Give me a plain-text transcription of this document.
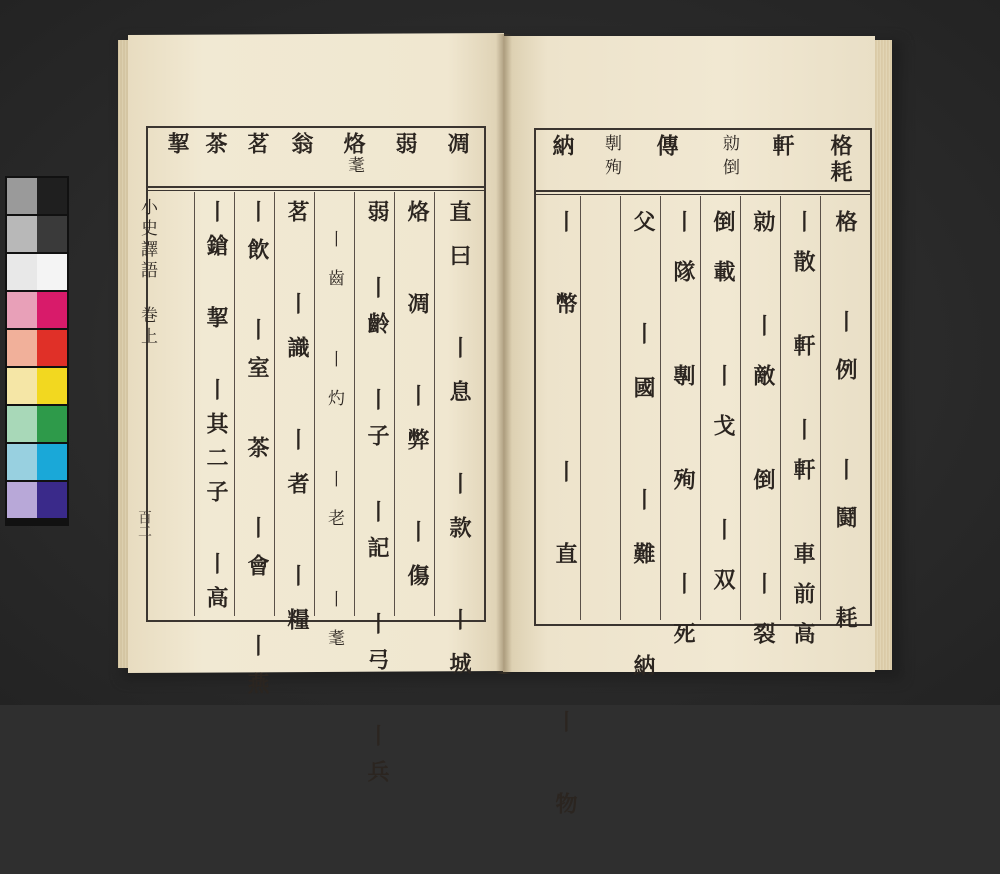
凋
弱
烙
耄
翁
茗
茶
挈
直曰 丨息 丨款 丨城
烙 凋 丨弊 丨傷
弱 丨齡 丨子 丨記 丨弓 丨兵
丨齒 丨灼 丨老 丨耄
茗 丨識 丨者 丨糧
丨飲 丨室 茶 丨會 丨燕
丨鎗 挈 丨其二子 丨高
小史譯語 巻上
百二
格
耗
軒
勍
倒
傳
剸
殉
納
格 丨例 丨鬪 耗
丨散 軒 丨軒 車前高
勍 丨敵 倒 丨裂
倒載 丨戈 丨双
丨隊 剸 殉 丨死
父 丨國 丨難 納
丨幣 丨直 丨物
